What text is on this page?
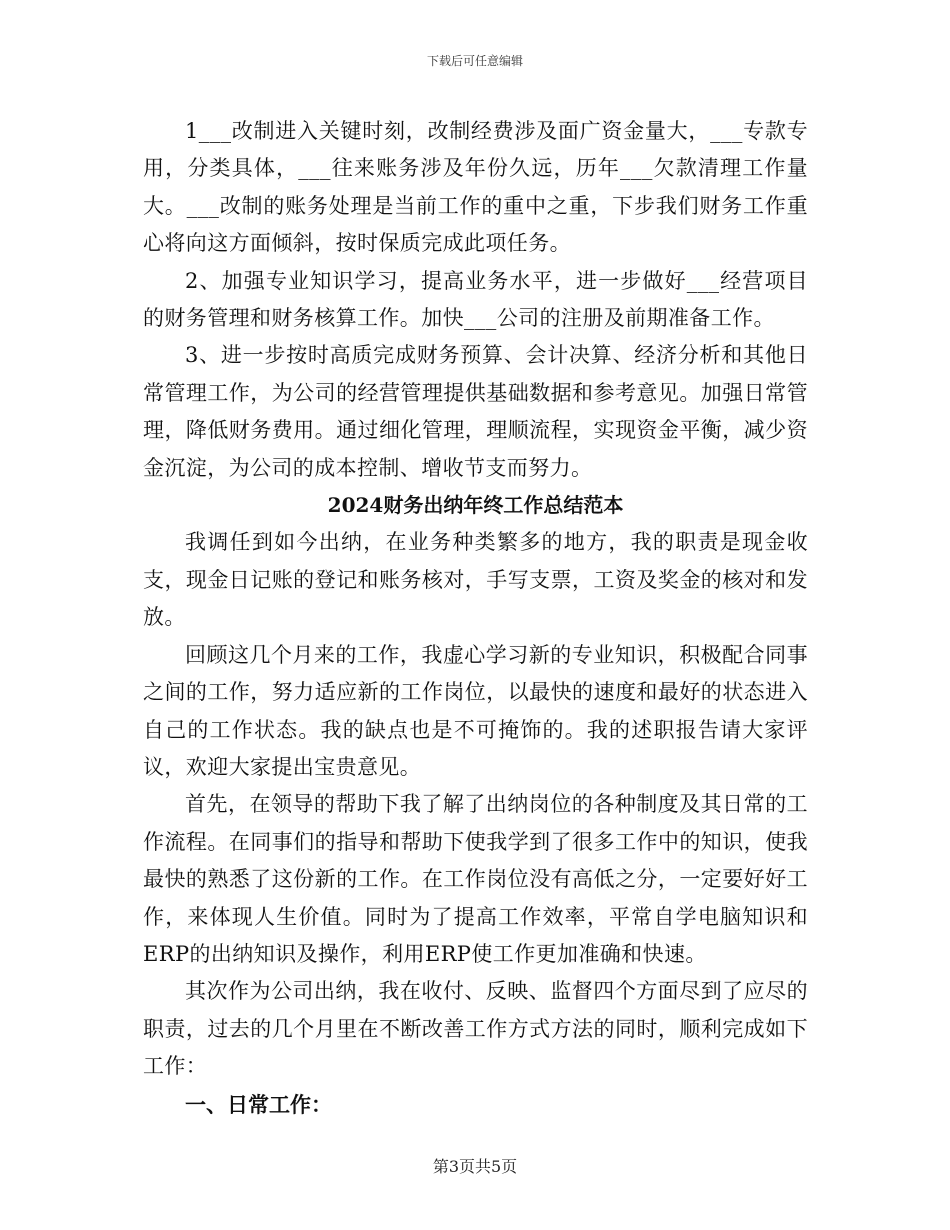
下载后可任意编辑

1___改制进入关键时刻，改制经费涉及面广资金量大，___专款专用，分类具体，___往来账务涉及年份久远，历年___欠款清理工作量大。___改制的账务处理是当前工作的重中之重，下步我们财务工作重心将向这方面倾斜，按时保质完成此项任务。

2、加强专业知识学习，提高业务水平，进一步做好___经营项目的财务管理和财务核算工作。加快___公司的注册及前期准备工作。

3、进一步按时高质完成财务预算、会计决算、经济分析和其他日常管理工作，为公司的经营管理提供基础数据和参考意见。加强日常管理，降低财务费用。通过细化管理，理顺流程，实现资金平衡，减少资金沉淀，为公司的成本控制、增收节支而努力。

2024财务出纳年终工作总结范本

我调任到如今出纳，在业务种类繁多的地方，我的职责是现金收支，现金日记账的登记和账务核对，手写支票，工资及奖金的核对和发放。

回顾这几个月来的工作，我虚心学习新的专业知识，积极配合同事之间的工作，努力适应新的工作岗位，以最快的速度和最好的状态进入自己的工作状态。我的缺点也是不可掩饰的。我的述职报告请大家评议，欢迎大家提出宝贵意见。

首先，在领导的帮助下我了解了出纳岗位的各种制度及其日常的工作流程。在同事们的指导和帮助下使我学到了很多工作中的知识，使我最快的熟悉了这份新的工作。在工作岗位没有高低之分，一定要好好工作，来体现人生价值。同时为了提高工作效率，平常自学电脑知识和ERP的出纳知识及操作，利用ERP使工作更加准确和快速。

其次作为公司出纳，我在收付、反映、监督四个方面尽到了应尽的职责，过去的几个月里在不断改善工作方式方法的同时，顺利完成如下工作：

一、日常工作：

第3页共5页
